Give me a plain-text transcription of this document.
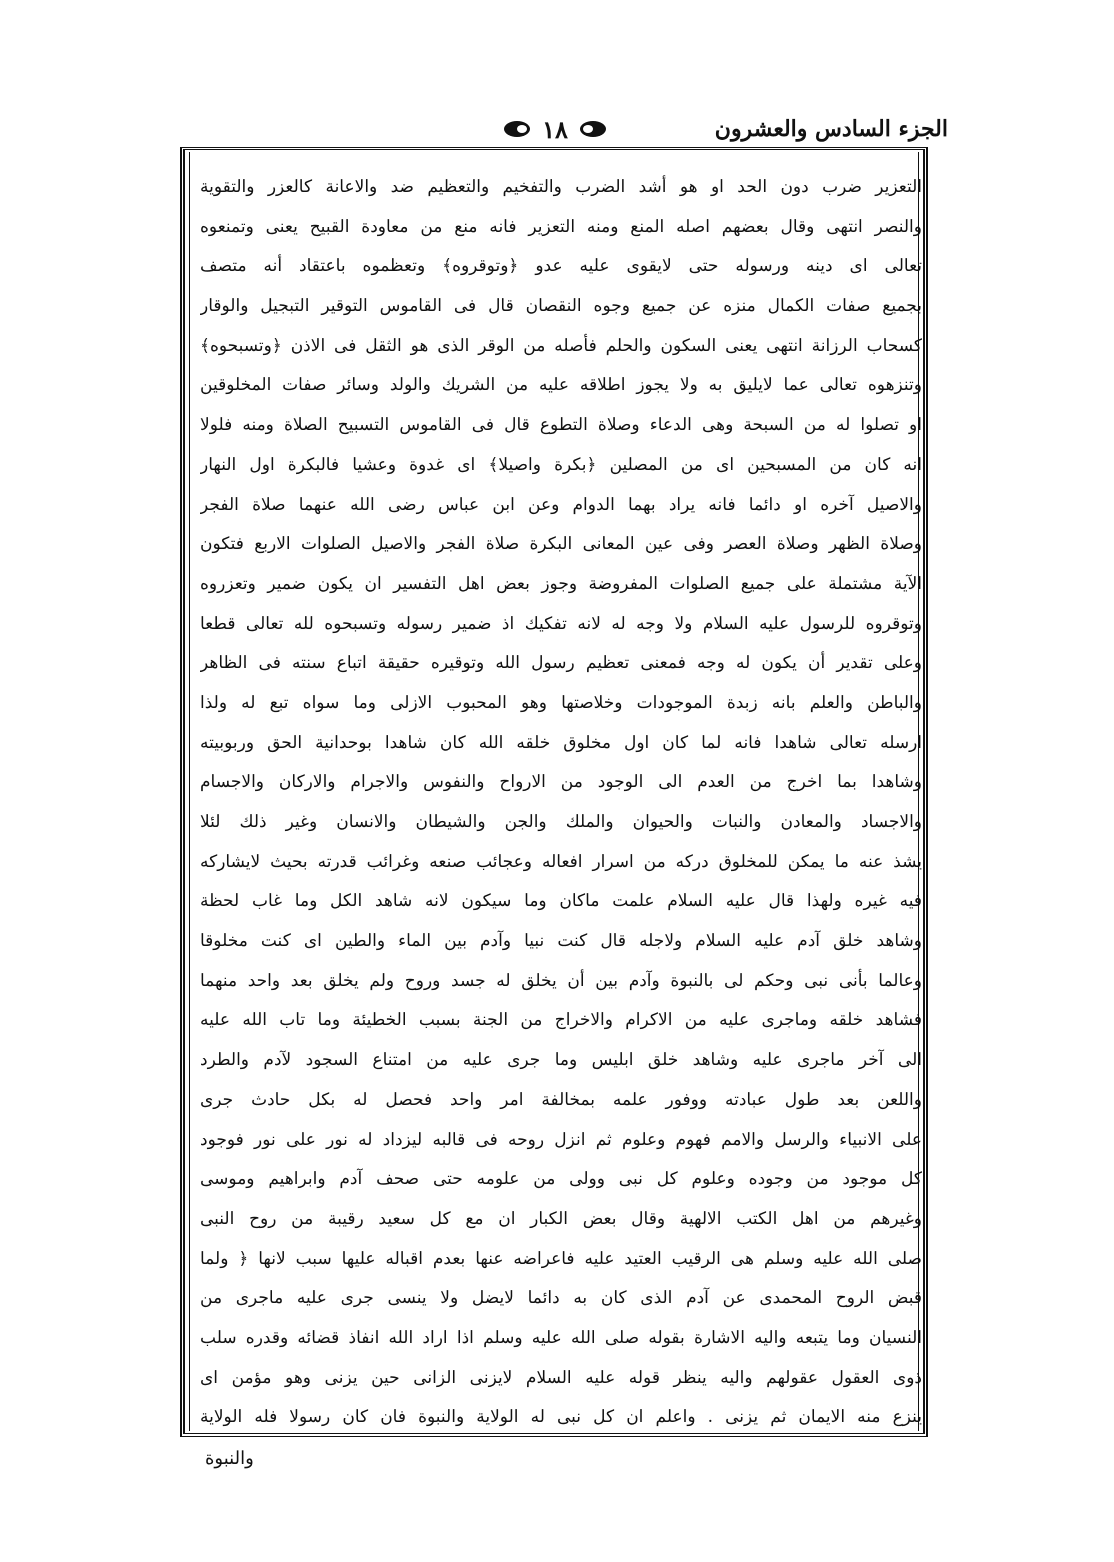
الجزء السادس والعشرون
١٨
التعزير ضرب دون الحد او هو أشد الضرب والتفخيم والتعظيم ضد والاعانة كالعزر والتقوية
والنصر انتهى وقال بعضهم اصله المنع ومنه التعزير فانه منع من معاودة القبيح يعنى وتمنعوه
تعالى اى دينه ورسوله حتى لايقوى عليه عدو ﴿وتوقروه﴾ وتعظموه باعتقاد أنه متصف
بجميع صفات الكمال منزه عن جميع وجوه النقصان قال فى القاموس التوقير التبجيل والوقار
كسحاب الرزانة انتهى يعنى السكون والحلم فأصله من الوقر الذى هو الثقل فى الاذن ﴿وتسبحوه﴾
وتنزهوه تعالى عما لايليق به ولا يجوز اطلاقه عليه من الشريك والولد وسائر صفات المخلوقين
او تصلوا له من السبحة وهى الدعاء وصلاة التطوع قال فى القاموس التسبيح الصلاة ومنه فلولا
انه كان من المسبحين اى من المصلين ﴿بكرة واصيلا﴾ اى غدوة وعشيا فالبكرة اول النهار
والاصيل آخره او دائما فانه يراد بهما الدوام وعن ابن عباس رضى الله عنهما صلاة الفجر
وصلاة الظهر وصلاة العصر وفى عين المعانى البكرة صلاة الفجر والاصيل الصلوات الاربع فتكون
الآية مشتملة على جميع الصلوات المفروضة وجوز بعض اهل التفسير ان يكون ضمير وتعزروه
وتوقروه للرسول عليه السلام ولا وجه له لانه تفكيك اذ ضمير رسوله وتسبحوه لله تعالى قطعا
وعلى تقدير أن يكون له وجه فمعنى تعظيم رسول الله وتوقيره حقيقة اتباع سنته فى الظاهر
والباطن والعلم بانه زبدة الموجودات وخلاصتها وهو المحبوب الازلى وما سواه تبع له ولذا
ارسله تعالى شاهدا فانه لما كان اول مخلوق خلقه الله كان شاهدا بوحدانية الحق وربوبيته
وشاهدا بما اخرج من العدم الى الوجود من الارواح والنفوس والاجرام والاركان والاجسام
والاجساد والمعادن والنبات والحيوان والملك والجن والشيطان والانسان وغير ذلك لئلا
يشذ عنه ما يمكن للمخلوق دركه من اسرار افعاله وعجائب صنعه وغرائب قدرته بحيث لايشاركه
فيه غيره ولهذا قال عليه السلام علمت ماكان وما سيكون لانه شاهد الكل وما غاب لحظة
وشاهد خلق آدم عليه السلام ولاجله قال كنت نبيا وآدم بين الماء والطين اى كنت مخلوقا
وعالما بأنى نبى وحكم لى بالنبوة وآدم بين أن يخلق له جسد وروح ولم يخلق بعد واحد منهما
فشاهد خلقه وماجرى عليه من الاكرام والاخراج من الجنة بسبب الخطيئة وما تاب الله عليه
الى آخر ماجرى عليه وشاهد خلق ابليس وما جرى عليه من امتناع السجود لآدم والطرد
واللعن بعد طول عبادته ووفور علمه بمخالفة امر واحد فحصل له بكل حادث جرى
على الانبياء والرسل والامم فهوم وعلوم ثم انزل روحه فى قالبه ليزداد له نور على نور فوجود
كل موجود من وجوده وعلوم كل نبى وولى من علومه حتى صحف آدم وابراهيم وموسى
وغيرهم من اهل الكتب الالهية وقال بعض الكبار ان مع كل سعيد رقيبة من روح النبى
صلى الله عليه وسلم هى الرقيب العتيد عليه فاعراضه عنها بعدم اقباله عليها سبب لانها ﴿ ولما
قبض الروح المحمدى عن آدم الذى كان به دائما لايضل ولا ينسى جرى عليه ماجرى من
النسيان وما يتبعه واليه الاشارة بقوله صلى الله عليه وسلم اذا اراد الله انفاذ قضائه وقدره سلب
ذوى العقول عقولهم واليه ينظر قوله عليه السلام لايزنى الزانى حين يزنى وهو مؤمن اى
ينزع منه الايمان ثم يزنى . واعلم ان كل نبى له الولاية والنبوة فان كان رسولا فله الولاية
والنبوة
